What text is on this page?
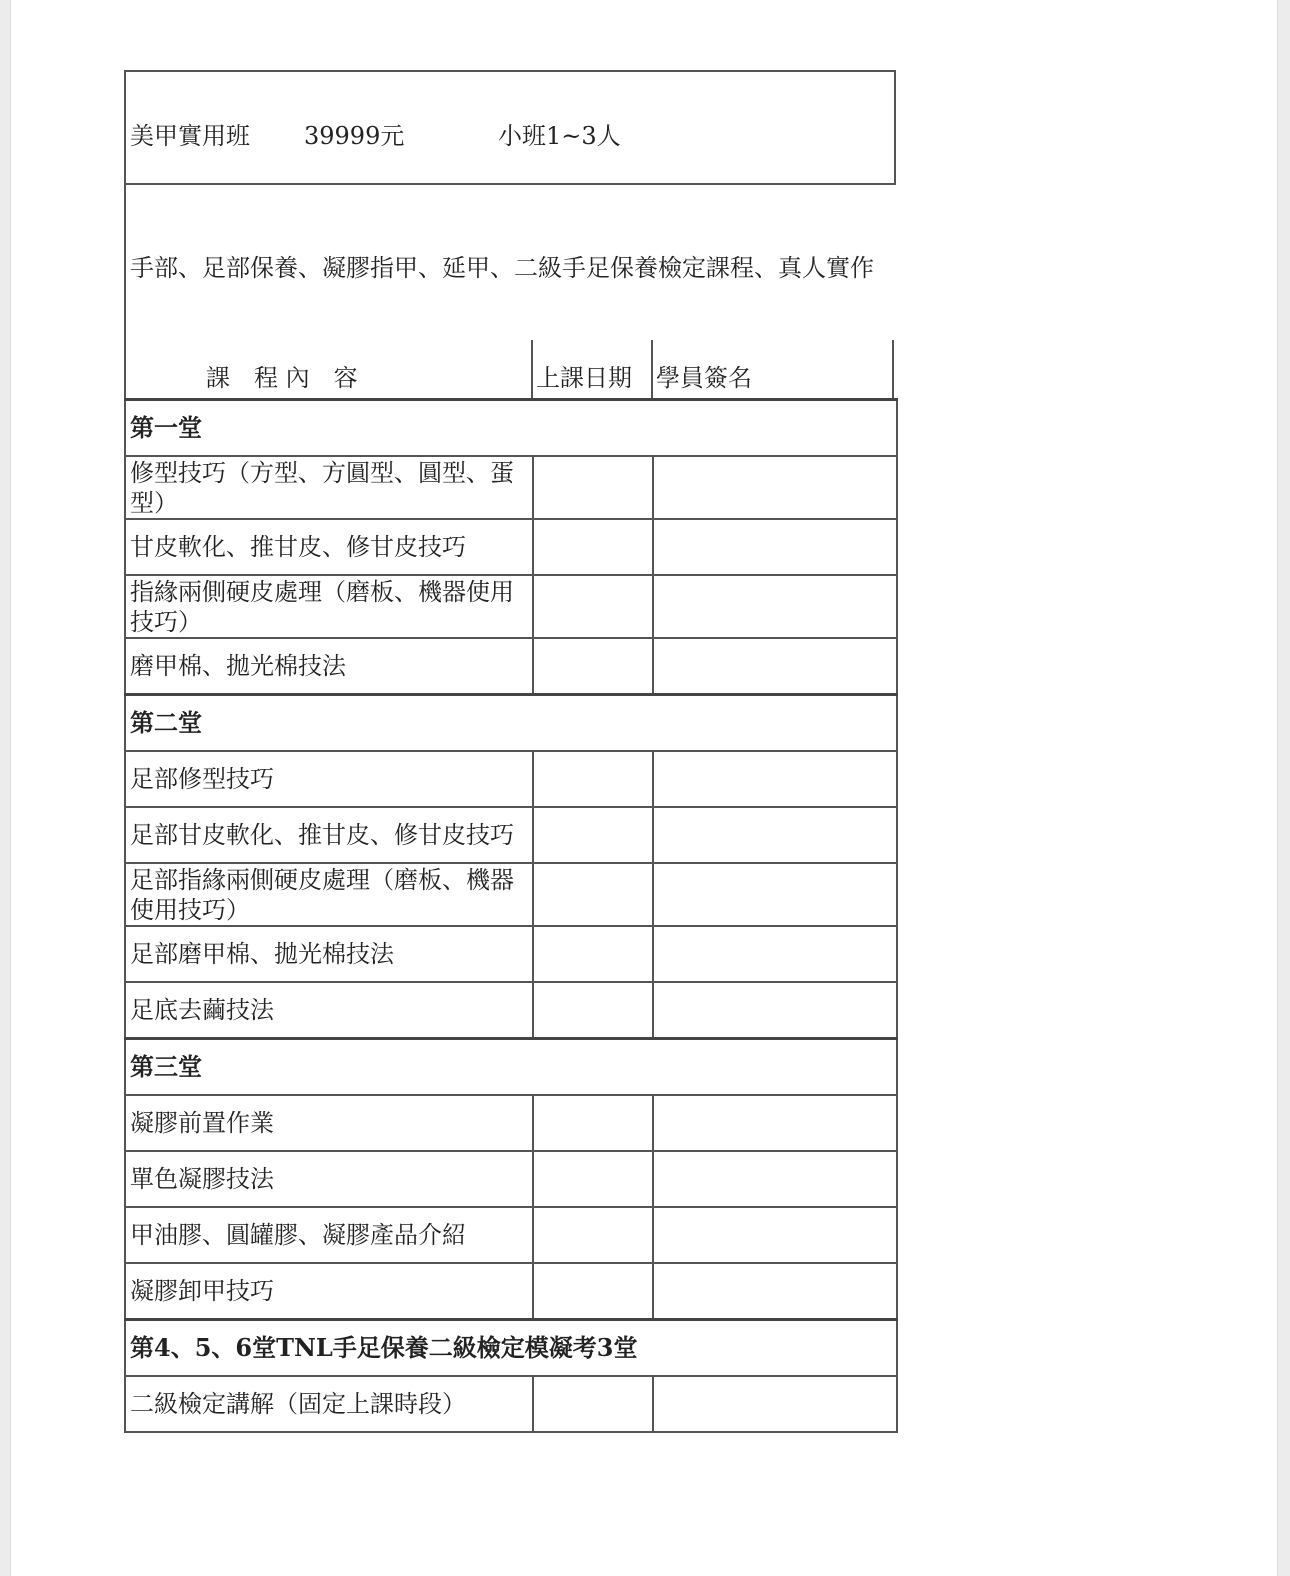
美甲實用班 39999元	小班1~3人
手部、足部保養、凝膠指甲、延甲、二級手足保養檢定課程、真人實作
課　程 內　容	上課日期 學員簽名
第一堂		
修型技巧（方型、方圓型、圓型、蛋型）		
甘皮軟化、推甘皮、修甘皮技巧		
指緣兩側硬皮處理（磨板、機器使用技巧）		
磨甲棉、拋光棉技法		
第二堂		
足部修型技巧		
足部甘皮軟化、推甘皮、修甘皮技巧		
足部指緣兩側硬皮處理（磨板、機器使用技巧）		
足部磨甲棉、拋光棉技法		
足底去繭技法		
第三堂		
凝膠前置作業		
單色凝膠技法		
甲油膠、圓罐膠、凝膠產品介紹		
凝膠卸甲技巧		
第4、5、6堂TNL手足保養二級檢定模凝考3堂		
二級檢定講解（固定上課時段）		
